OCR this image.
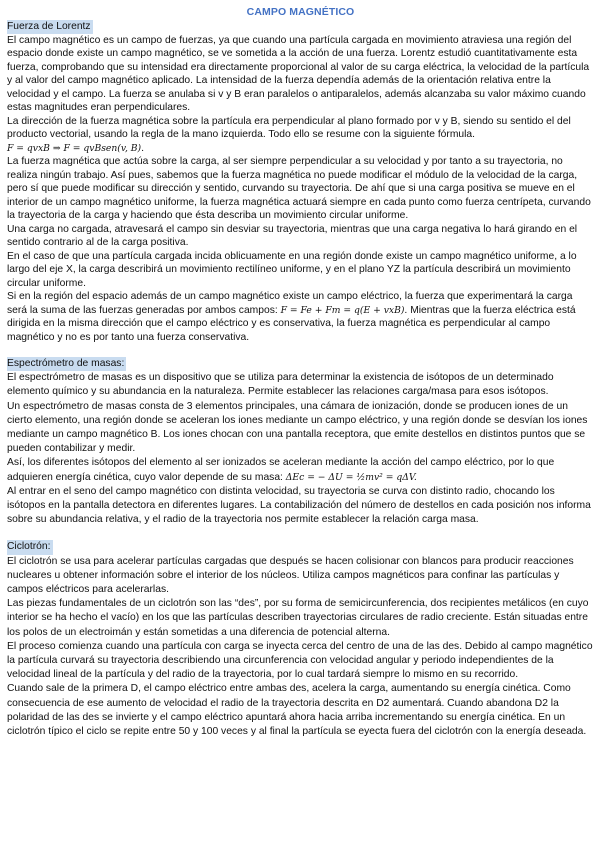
CAMPO MAGNÉTICO

Fuerza de Lorentz

El campo magnético es un campo de fuerzas, ya que cuando una partícula cargada en movimiento atraviesa una región del espacio donde existe un campo magnético, se ve sometida a la acción de una fuerza. Lorentz estudió cuantitativamente esta fuerza, comprobando que su intensidad era directamente proporcional al valor de su carga eléctrica, la velocidad de la partícula y al valor del campo magnético aplicado. La intensidad de la fuerza dependía además de la orientación relativa entre la velocidad y el campo. La fuerza se anulaba si v y B eran paralelos o antiparalelos, además alcanzaba su valor máximo cuando estas magnitudes eran perpendiculares.

La dirección de la fuerza magnética sobre la partícula era perpendicular al plano formado por v y B, siendo su sentido el del producto vectorial, usando la regla de la mano izquierda. Todo ello se resume con la siguiente fórmula.

F = qvxB ⇒ F = qvBsen(v, B).

La fuerza magnética que actúa sobre la carga, al ser siempre perpendicular a su velocidad y por tanto a su trayectoria, no realiza ningún trabajo. Así pues, sabemos que la fuerza magnética no puede modificar el módulo de la velocidad de la carga, pero sí que puede modificar su dirección y sentido, curvando su trayectoria. De ahí que si una carga positiva se mueve en el interior de un campo magnético uniforme, la fuerza magnética actuará siempre en cada punto como fuerza centrípeta, curvando la trayectoria de la carga y haciendo que ésta describa un movimiento circular uniforme.

Una carga no cargada, atravesará el campo sin desviar su trayectoria, mientras que una carga negativa lo hará girando en el sentido contrario al de la carga positiva.

En el caso de que una partícula cargada incida oblicuamente en una región donde existe un campo magnético uniforme, a lo largo del eje X, la carga describirá un movimiento rectilíneo uniforme, y en el plano YZ la partícula describirá un movimiento circular uniforme.

Si en la región del espacio además de un campo magnético existe un campo eléctrico, la fuerza que experimentará la carga será la suma de las fuerzas generadas por ambos campos: F = Fe + Fm = q(E + vxB). Mientras que la fuerza eléctrica está dirigida en la misma dirección que el campo eléctrico y es conservativa, la fuerza magnética es perpendicular al campo magnético y no es por tanto una fuerza conservativa.

Espectrómetro de masas:

El espectrómetro de masas es un dispositivo que se utiliza para determinar la existencia de isótopos de un determinado elemento químico y su abundancia en la naturaleza. Permite establecer las relaciones carga/masa para esos isótopos.

Un espectrómetro de masas consta de 3 elementos principales, una cámara de ionización, donde se producen iones de un cierto elemento, una región donde se aceleran los iones mediante un campo eléctrico, y una región donde se desvían los iones mediante un campo magnético B. Los iones chocan con una pantalla receptora, que emite destellos en distintos puntos que se pueden contabilizar y medir.

Así, los diferentes isótopos del elemento al ser ionizados se aceleran mediante la acción del campo eléctrico, por lo que adquieren energía cinética, cuyo valor depende de su masa: ΔEc = − ΔU = ½mv² = qΔV.

Al entrar en el seno del campo magnético con distinta velocidad, su trayectoria se curva con distinto radio, chocando los isótopos en la pantalla detectora en diferentes lugares. La contabilización del número de destellos en cada posición nos informa sobre su abundancia relativa, y el radio de la trayectoria nos permite establecer la relación carga masa.

Ciclotrón:

El ciclotrón se usa para acelerar partículas cargadas que después se hacen colisionar con blancos para producir reacciones nucleares u obtener información sobre el interior de los núcleos. Utiliza campos magnéticos para confinar las partículas y campos eléctricos para acelerarlas.

Las piezas fundamentales de un ciclotrón son las “des”, por su forma de semicircunferencia, dos recipientes metálicos (en cuyo interior se ha hecho el vacío) en los que las partículas describen trayectorias circulares de radio creciente. Están situadas entre los polos de un electroimán y están sometidas a una diferencia de potencial alterna.

El proceso comienza cuando una partícula con carga se inyecta cerca del centro de una de las des. Debido al campo magnético la partícula curvará su trayectoria describiendo una circunferencia con velocidad angular y periodo independientes de la velocidad lineal de la partícula y del radio de la trayectoria, por lo cual tardará siempre lo mismo en su recorrido.

Cuando sale de la primera D, el campo eléctrico entre ambas des, acelera la carga, aumentando su energía cinética. Como consecuencia de ese aumento de velocidad el radio de la trayectoria descrita en D2 aumentará. Cuando abandona D2 la polaridad de las des se invierte y el campo eléctrico apuntará ahora hacia arriba incrementando su energía cinética. En un ciclotrón típico el ciclo se repite entre 50 y 100 veces y al final la partícula se eyecta fuera del ciclotrón con la energía deseada.
